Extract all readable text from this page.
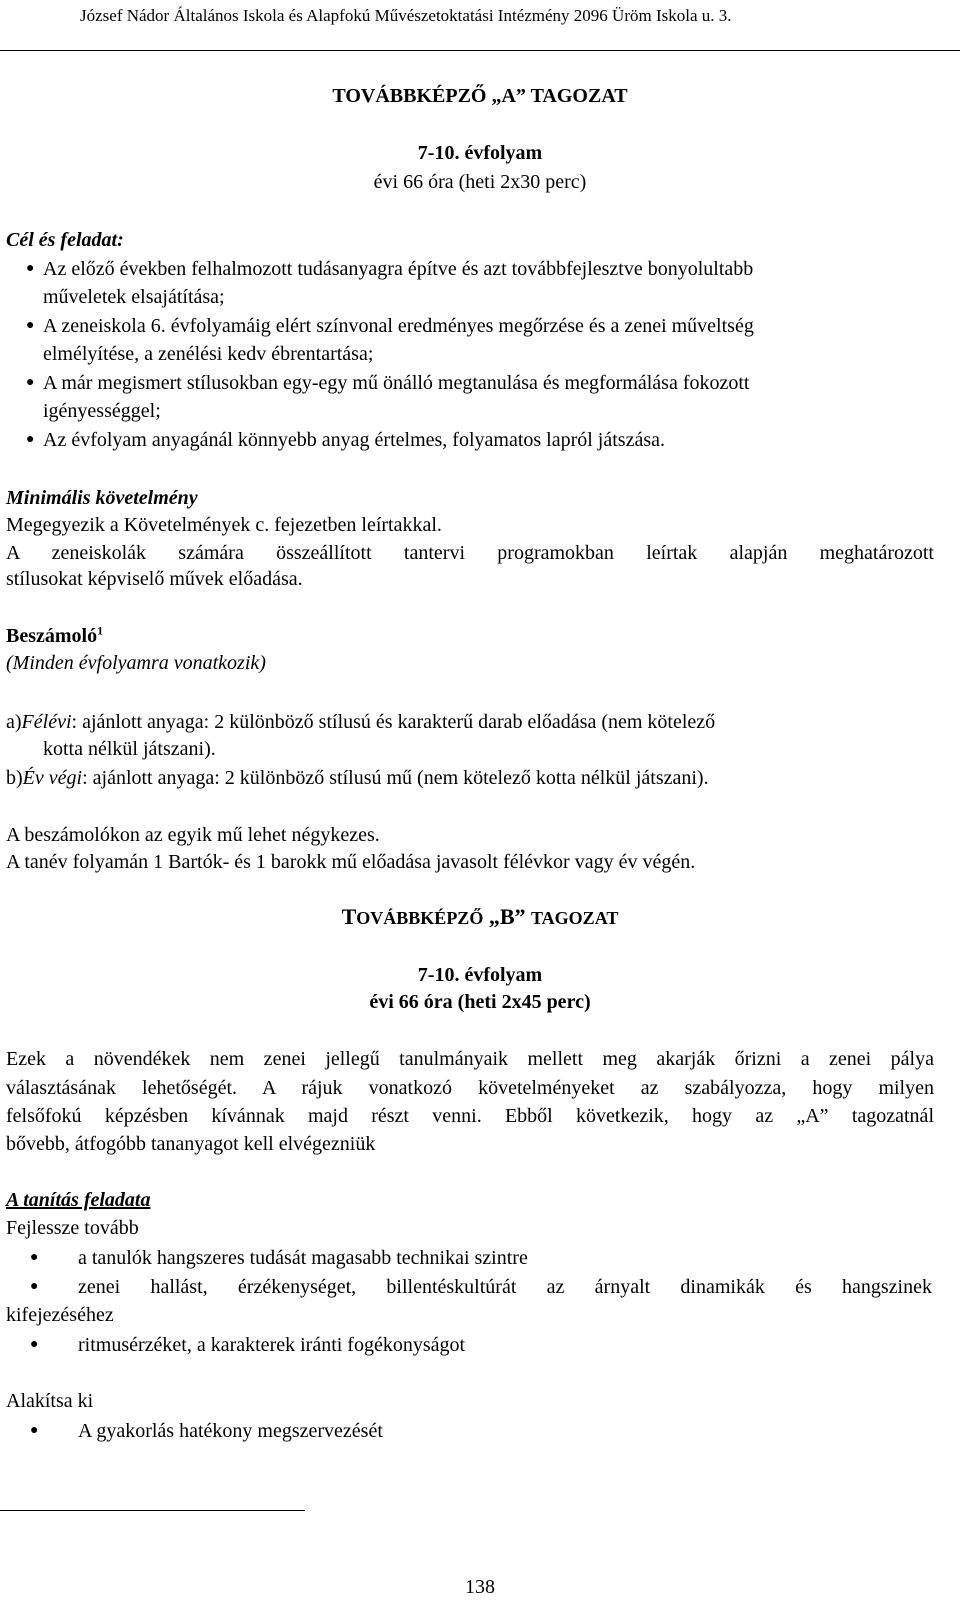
József Nádor Általános Iskola és Alapfokú Művészetoktatási Intézmény 2096 Üröm Iskola u. 3.
TOVÁBBKÉPZŐ „A” TAGOZAT
7-10. évfolyam
évi 66 óra (heti 2x30 perc)
Cél és feladat:
● Az előző években felhalmozott tudásanyagra építve és azt továbbfejlesztve bonyolultabb
műveletek elsajátítása;
● A zeneiskola 6. évfolyamáig elért színvonal eredményes megőrzése és a zenei műveltség
elmélyítése, a zenélési kedv ébrentartása;
● A már megismert stílusokban egy-egy mű önálló megtanulása és megformálása fokozott
igényességgel;
● Az évfolyam anyagánál könnyebb anyag értelmes, folyamatos lapról játszása.
Minimális követelmény
Megegyezik a Követelmények c. fejezetben leírtakkal.
A zeneiskolák számára összeállított tantervi programokban leírtak alapján meghatározott
stílusokat képviselő művek előadása.
Beszámoló$^1$
(Minden évfolyamra vonatkozik)
a)Félévi: ajánlott anyaga: 2 különböző stílusú és karakterű darab előadása (nem kötelező
kotta nélkül játszani).
b)Év végi: ajánlott anyaga: 2 különböző stílusú mű (nem kötelező kotta nélkül játszani).
A beszámolókon az egyik mű lehet négykezes.
A tanév folyamán 1 Bartók- és 1 barokk mű előadása javasolt félévkor vagy év végén.
TOVÁBBKÉPZŐ „B” TAGOZAT
7-10. évfolyam
évi 66 óra (heti 2x45 perc)
Ezek a növendékek nem zenei jellegű tanulmányaik mellett meg akarják őrizni a zenei pálya
választásának lehetőségét. A rájuk vonatkozó követelményeket az szabályozza, hogy milyen
felsőfokú képzésben kívánnak majd részt venni. Ebből következik, hogy az „A” tagozatnál
bővebb, átfogóbb tananyagot kell elvégezniük
A tanítás feladata
Fejlessze tovább
● a tanulók hangszeres tudását magasabb technikai szintre
● zenei hallást, érzékenységet, billentéskultúrát az árnyalt dinamikák és hangszinek
kifejezéséhez
● ritmusérzéket, a karakterek iránti fogékonyságot
Alakítsa ki
● A gyakorlás hatékony megszervezését
138
